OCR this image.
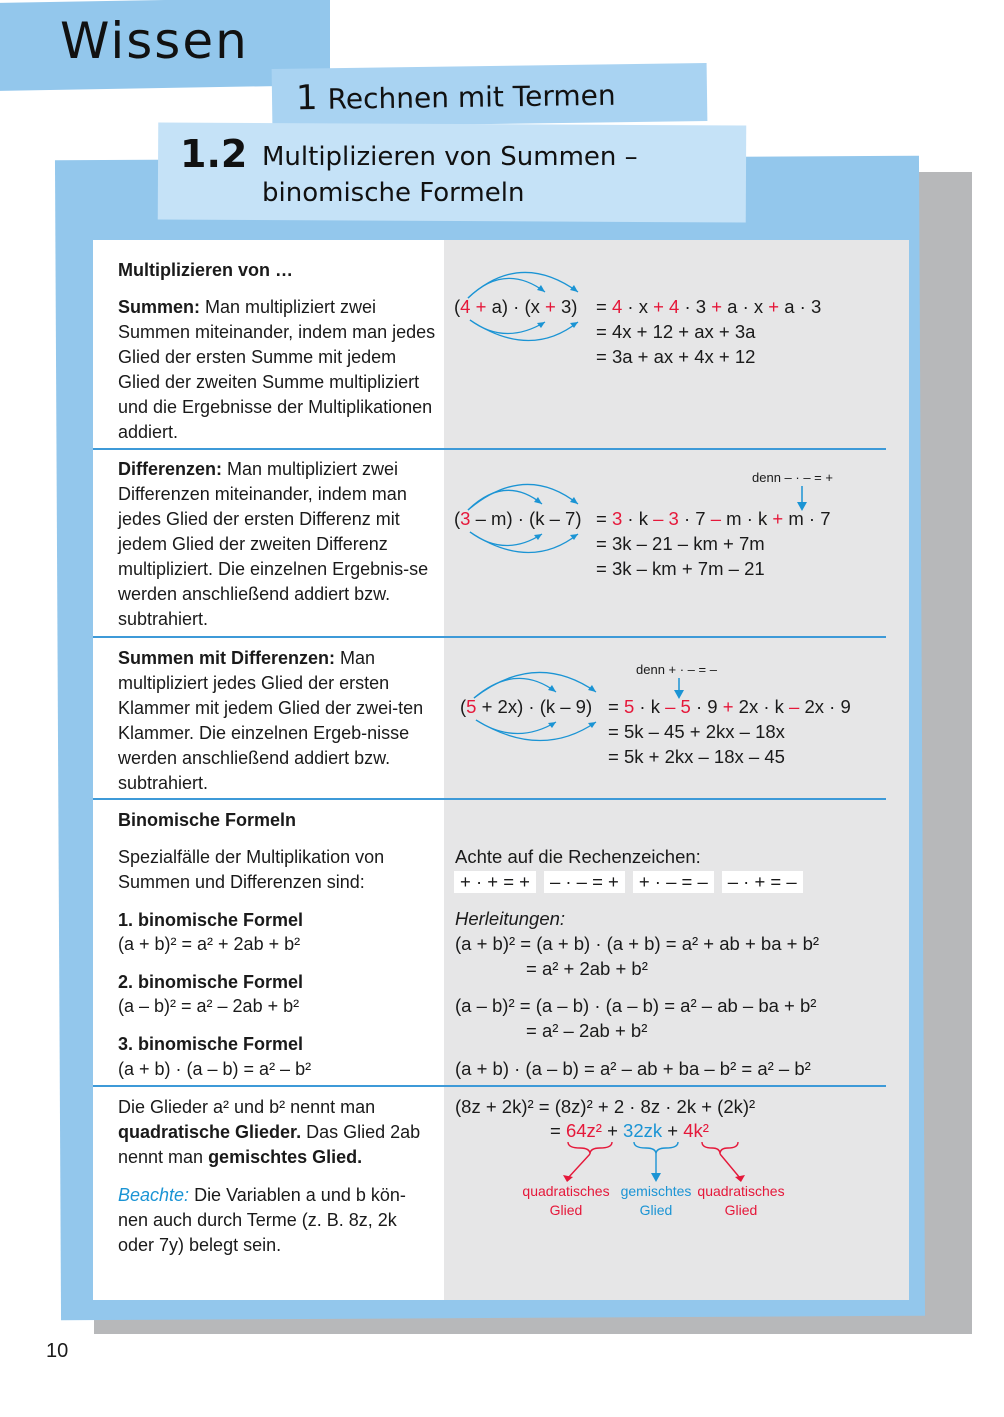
Wissen
1 Rechnen mit Termen
1.2 Multiplizieren von Summen –
binomische Formeln
Multiplizieren von …
Summen: Man multipliziert zwei Summen miteinander, indem man jedes Glied der ersten Summe mit jedem Glied der zweiten Summe multipliziert und die Ergebnisse der Multiplikationen addiert.
(4 + a) · (x + 3) = 4 · x + 4 · 3 + a · x + a · 3
= 4x + 12 + ax + 3a
= 3a + ax + 4x + 12
Differenzen: Man multipliziert zwei Differenzen miteinander, indem man jedes Glied der ersten Differenz mit jedem Glied der zweiten Differenz multipliziert. Die einzelnen Ergebnis-se werden anschließend addiert bzw. subtrahiert.
denn – · – = +
(3 – m) · (k – 7) = 3 · k – 3 · 7 – m · k + m · 7
= 3k – 21 – km + 7m
= 3k – km + 7m – 21
Summen mit Differenzen: Man multipliziert jedes Glied der ersten Klammer mit jedem Glied der zwei-ten Klammer. Die einzelnen Ergeb-nisse werden anschließend addiert bzw. subtrahiert.
denn + · – = –
(5 + 2x) · (k – 9) = 5 · k – 5 · 9 + 2x · k – 2x · 9
= 5k – 45 + 2kx – 18x
= 5k + 2kx – 18x – 45
Binomische Formeln
Spezialfälle der Multiplikation von Summen und Differenzen sind:
1. binomische Formel
(a + b)² = a² + 2ab + b²
2. binomische Formel
(a – b)² = a² – 2ab + b²
3. binomische Formel
(a + b) · (a – b) = a² – b²
Achte auf die Rechenzeichen:
+ · + = + – · – = + + · – = – – · + = –
Herleitungen:
(a + b)² = (a + b) · (a + b) = a² + ab + ba + b²
= a² + 2ab + b²
(a – b)² = (a – b) · (a – b) = a² – ab – ba + b²
= a² – 2ab + b²
(a + b) · (a – b) = a² – ab + ba – b² = a² – b²
Die Glieder a² und b² nennt man quadratische Glieder. Das Glied 2ab nennt man gemischtes Glied.
Beachte: Die Variablen a und b kön-nen auch durch Terme (z. B. 8z, 2k oder 7y) belegt sein.
(8z + 2k)² = (8z)² + 2 · 8z · 2k + (2k)²
= 64z² + 32zk + 4k²
quadratisches
Glied
gemischtes
Glied
quadratisches
Glied
10
